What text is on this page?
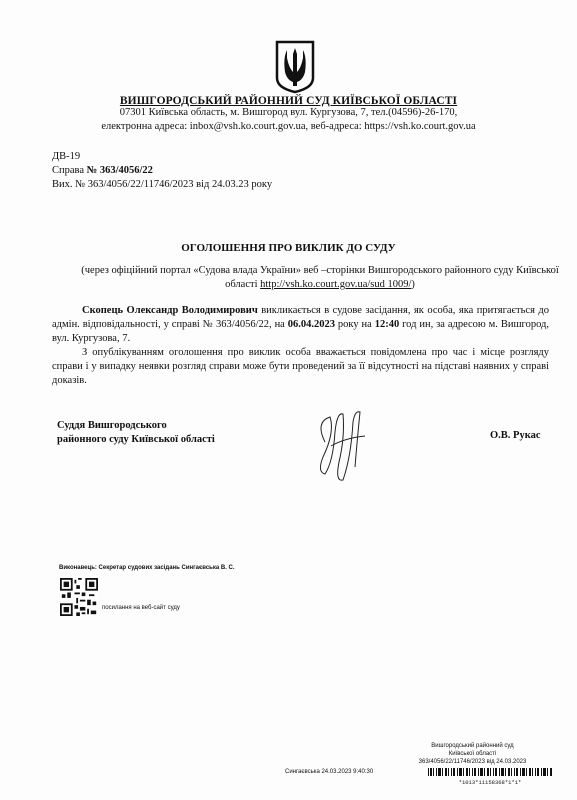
ВИШГОРОДСЬКИЙ РАЙОННИЙ СУД КИЇВСЬКОЇ ОБЛАСТІ
07301 Київська область, м. Вишгород вул. Кургузова, 7, тел.(04596)-26-170,
електронна адреса: inbox@vsh.ko.court.gov.ua, веб-адреса: https://vsh.ko.court.gov.ua
ДВ-19
Справа № 363/4056/22
Вих. № 363/4056/22/11746/2023 від 24.03.23 року
ОГОЛОШЕННЯ ПРО ВИКЛИК ДО СУДУ
(через офіційний портал «Судова влада України» веб –сторінки Вишгородського районного суду Київської області http://vsh.ko.court.gov.ua/sud 1009/)

Скопець Олександр Володимирович викликається в судове засідання, як особа, яка притягається до адмін. відповідальності, у справі № 363/4056/22, на 06.04.2023 року на 12:40 год ин, за адресою м. Вишгород, вул. Кургузова, 7.

З опублікуванням оголошення про виклик особа вважається повідомлена про час і місце розгляду справи і у випадку неявки розгляд справи може бути проведений за її відсутності на підставі наявних у справі доказів.

Суддя Вишгородського
районного суду Київської області	О.В. Рукас
Виконавець: Секретар судових засідань Сингаєвська В. С.
посилання на веб-сайт суду
Вишгородський районний суд
Київської області
363/4056/22/11746/2023 від 24.03.2023
*1013*11158368*1*1*
Сингаєвська 24.03.2023 9:40:30
